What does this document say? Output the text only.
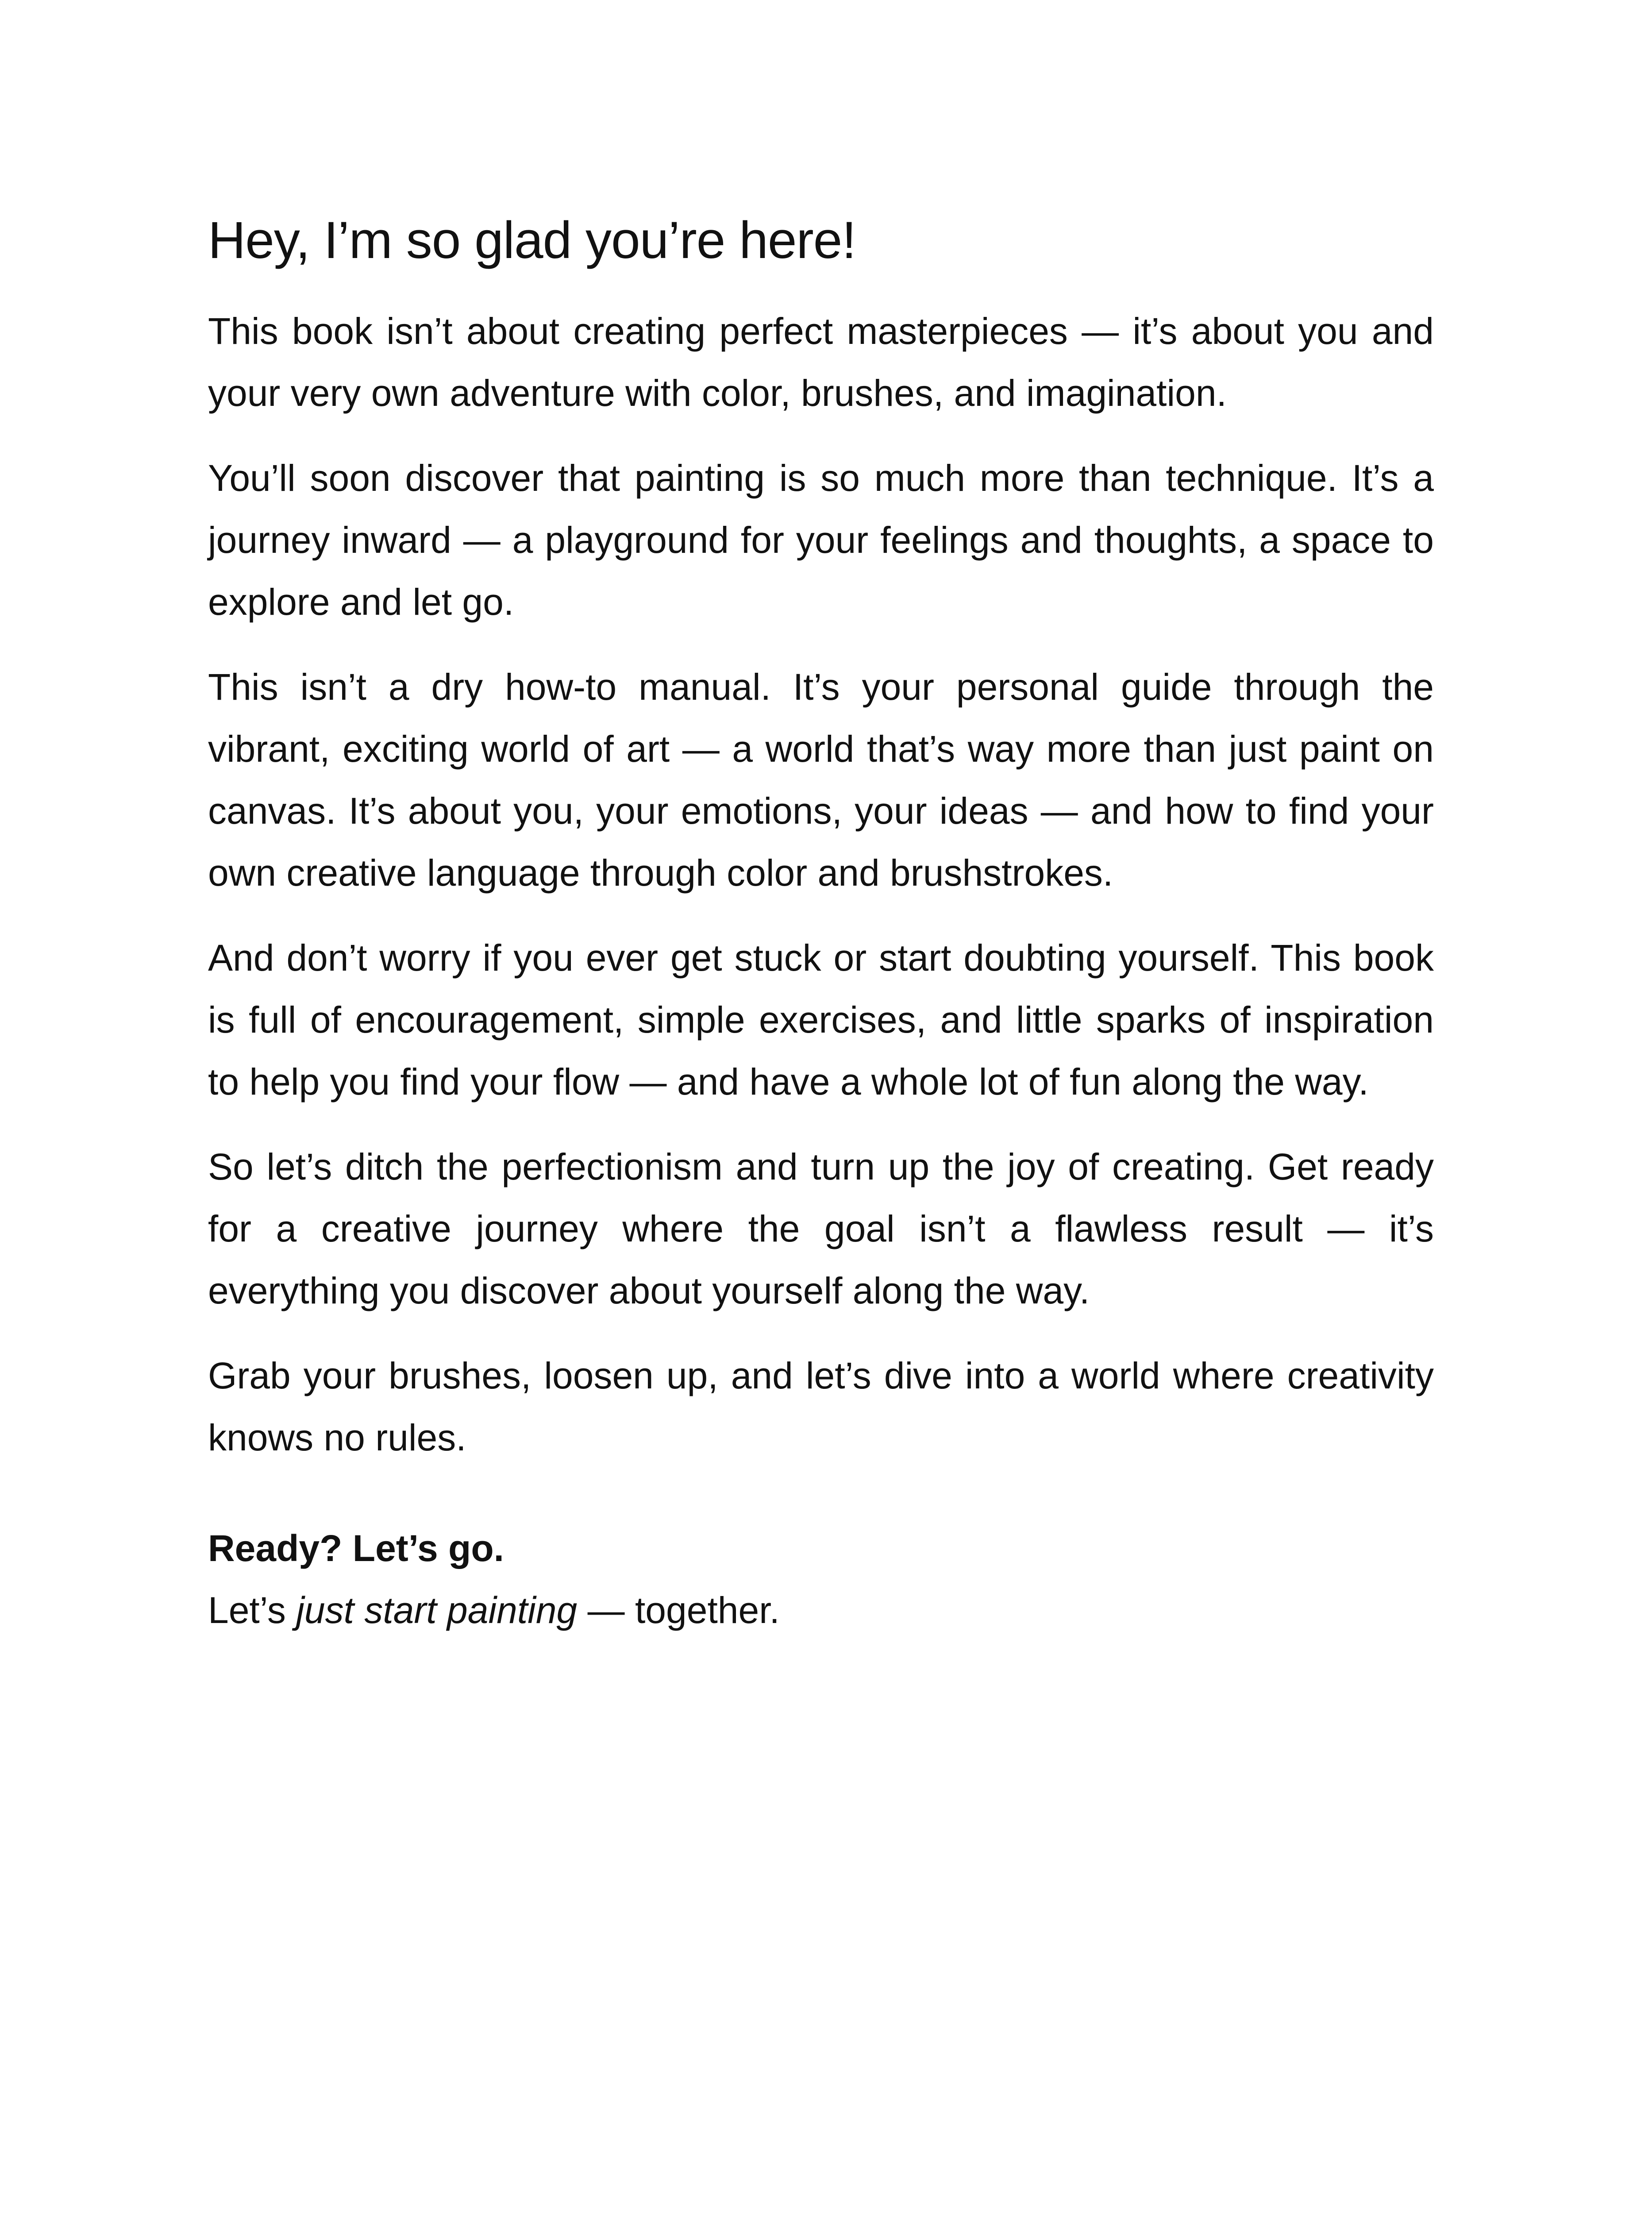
Hey, I’m so glad you’re here!

This book isn’t about creating perfect masterpieces — it’s about you and your very own adventure with color, brushes, and imagination.

You’ll soon discover that painting is so much more than technique. It’s a journey inward — a playground for your feelings and thoughts, a space to explore and let go.

This isn’t a dry how-to manual. It’s your personal guide through the vibrant, exciting world of art — a world that’s way more than just paint on canvas. It’s about you, your emotions, your ideas — and how to find your own creative language through color and brushstrokes.

And don’t worry if you ever get stuck or start doubting yourself. This book is full of encouragement, simple exercises, and little sparks of inspiration to help you find your flow — and have a whole lot of fun along the way.

So let’s ditch the perfectionism and turn up the joy of creating. Get ready for a creative journey where the goal isn’t a flawless result — it’s everything you discover about yourself along the way.

Grab your brushes, loosen up, and let’s dive into a world where creativity knows no rules.

Ready? Let’s go.
Let’s just start painting — together.
